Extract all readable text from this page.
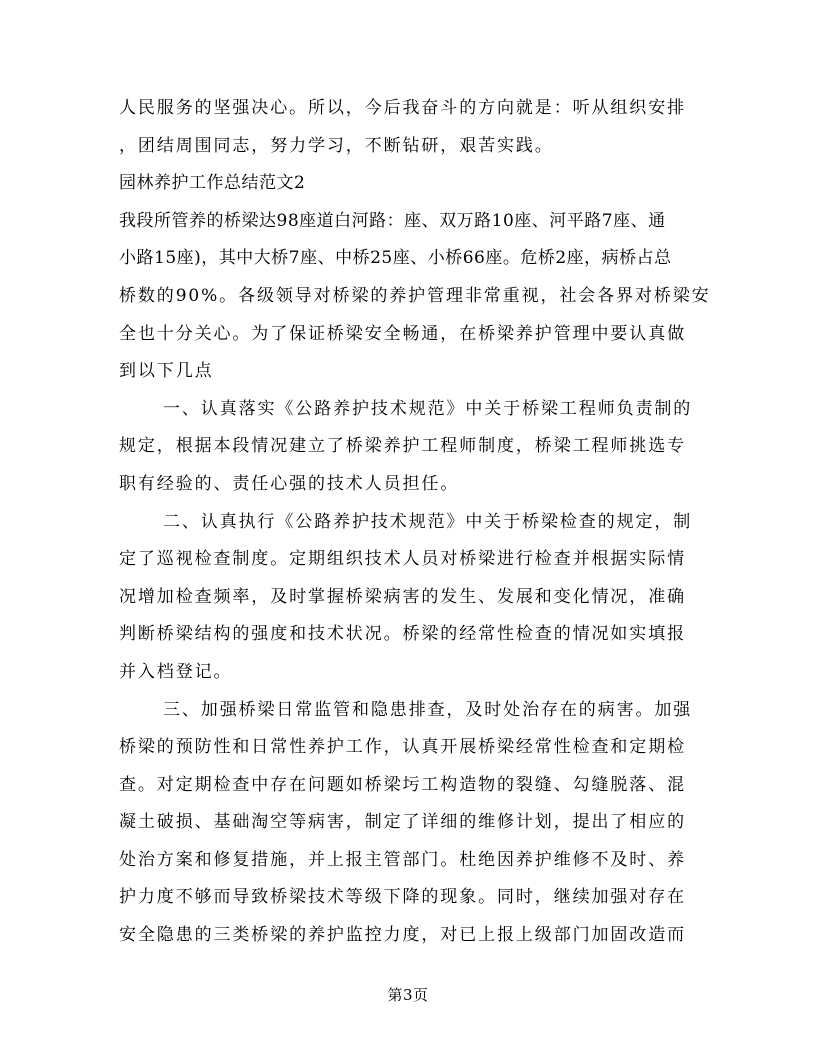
人民服务的坚强决心。所以，今后我奋斗的方向就是：听从组织安排
，团结周围同志，努力学习，不断钻研，艰苦实践。
园林养护工作总结范文2
我段所管养的桥梁达98座道白河路：座、双万路10座、河平路7座、通
小路15座)，其中大桥7座、中桥25座、小桥66座。危桥2座，病桥占总
桥数的90%。各级领导对桥梁的养护管理非常重视，社会各界对桥梁安
全也十分关心。为了保证桥梁安全畅通，在桥梁养护管理中要认真做
到以下几点
一、认真落实《公路养护技术规范》中关于桥梁工程师负责制的
规定，根据本段情况建立了桥梁养护工程师制度，桥梁工程师挑选专
职有经验的、责任心强的技术人员担任。
二、认真执行《公路养护技术规范》中关于桥梁检查的规定，制
定了巡视检查制度。定期组织技术人员对桥梁进行检查并根据实际情
况增加检查频率，及时掌握桥梁病害的发生、发展和变化情况，准确
判断桥梁结构的强度和技术状况。桥梁的经常性检查的情况如实填报
并入档登记。
三、加强桥梁日常监管和隐患排查，及时处治存在的病害。加强
桥梁的预防性和日常性养护工作，认真开展桥梁经常性检查和定期检
查。对定期检查中存在问题如桥梁圬工构造物的裂缝、勾缝脱落、混
凝土破损、基础淘空等病害，制定了详细的维修计划，提出了相应的
处治方案和修复措施，并上报主管部门。杜绝因养护维修不及时、养
护力度不够而导致桥梁技术等级下降的现象。同时，继续加强对存在
安全隐患的三类桥梁的养护监控力度，对已上报上级部门加固改造而
第3页
